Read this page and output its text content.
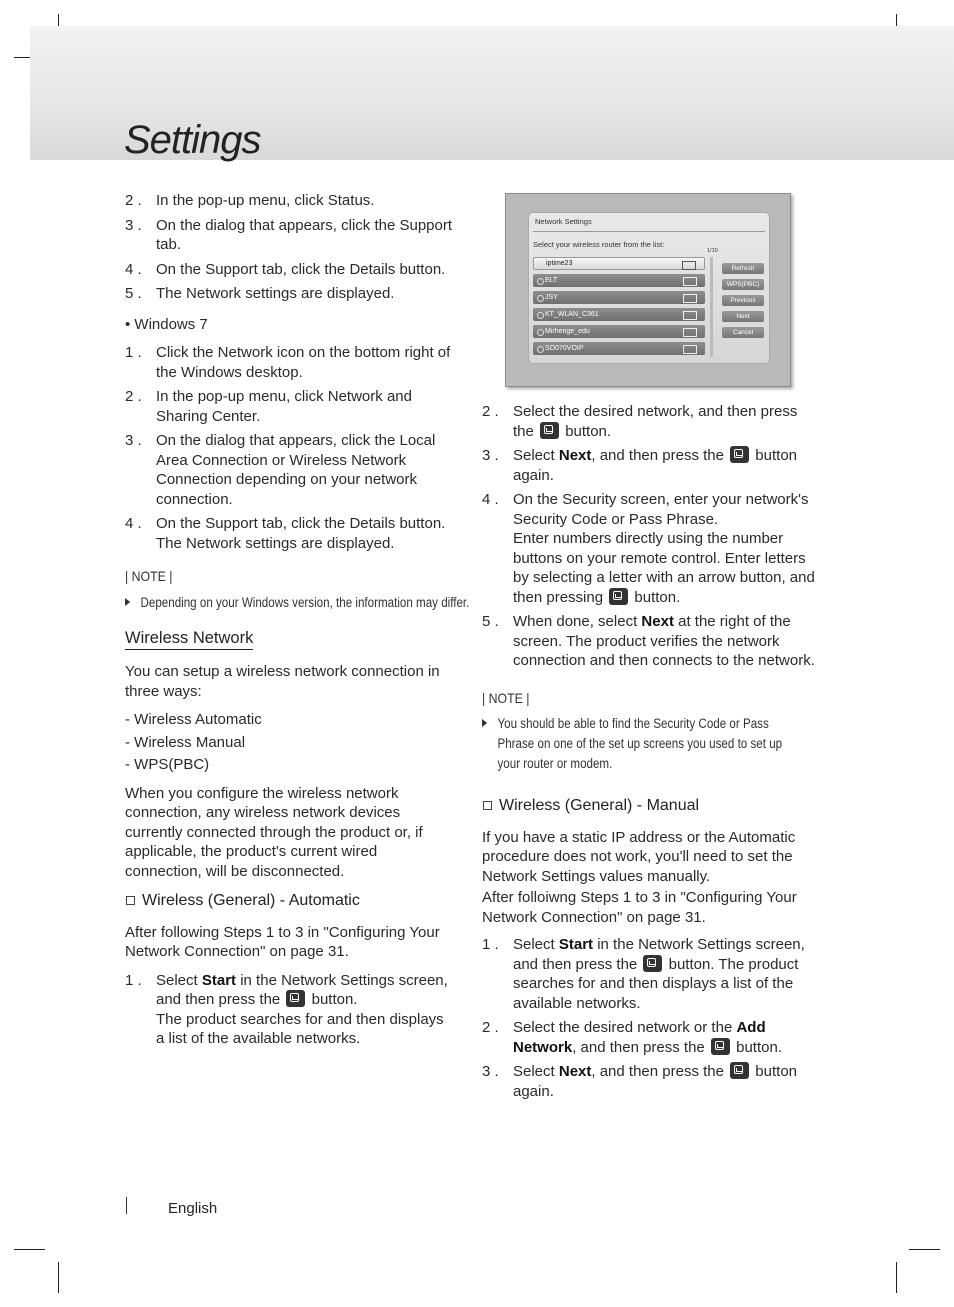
Settings
2 . In the pop-up menu, click Status.
3 . On the dialog that appears, click the Support tab.
4 . On the Support tab, click the Details button.
5 . The Network settings are displayed.
• Windows 7
1 . Click the Network icon on the bottom right of the Windows desktop.
2 . In the pop-up menu, click Network and Sharing Center.
3 . On the dialog that appears, click the Local Area Connection or Wireless Network Connection depending on your network connection.
4 . On the Support tab, click the Details button. The Network settings are displayed.
| NOTE |
Depending on your Windows version, the information may differ.
Wireless Network
You can setup a wireless network connection in three ways:
- Wireless Automatic
- Wireless Manual
- WPS(PBC)
When you configure the wireless network connection, any wireless network devices currently connected through the product or, if applicable, the product's current wired connection, will be disconnected.
Wireless (General) - Automatic
After following Steps 1 to 3 in "Configuring Your Network Connection" on page 31.
1 . Select Start in the Network Settings screen, and then press the  button.
The product searches for and then displays a list of the available networks.
Network Settings
Select your wireless router from the list:
1/10
iptime23
ELT
JSY
KT_WLAN_C361
Mirhenge_edu
SO070VOIP
Refresh
WPS(PBC)
Previous
Next
Cancel
2 . Select the desired network, and then press the  button.
3 . Select Next, and then press the  button again.
4 . On the Security screen, enter your network's Security Code or Pass Phrase.
Enter numbers directly using the number buttons on your remote control. Enter letters by selecting a letter with an arrow button, and then pressing  button.
5 . When done, select Next at the right of the screen. The product verifies the network connection and then connects to the network.
| NOTE |
You should be able to find the Security Code or Pass Phrase on one of the set up screens you used to set up your router or modem.
Wireless (General) - Manual
If you have a static IP address or the Automatic procedure does not work, you'll need to set the Network Settings values manually.
After folloiwng Steps 1 to 3 in "Configuring Your Network Connection" on page 31.
1 . Select Start in the Network Settings screen, and then press the  button. The product searches for and then displays a list of the available networks.
2 . Select the desired network or the Add Network, and then press the  button.
3 . Select Next, and then press the  button again.
English
